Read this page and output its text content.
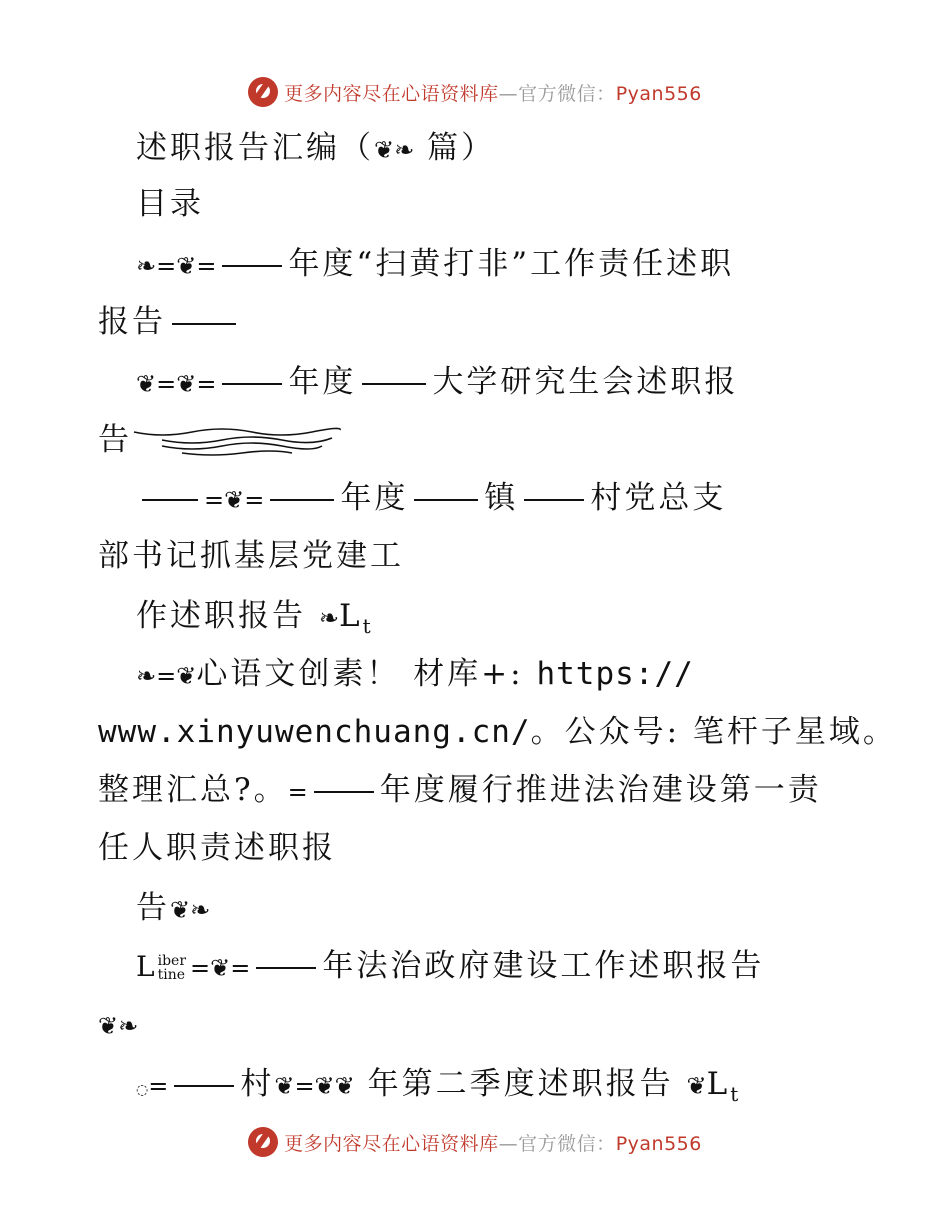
更多内容尽在心语资料库—官方微信：Pyan556
述职报告汇编（❦❧ 篇）
目录
❧=❦= 年度“扫黄打非”工作责任述职
报告
❦=❦= 年度 大学研究生会述职报
告
=❦= 年度 镇 村党总支
部书记抓基层党建工
作述职报告 $❧L_t$
❧=❦心语文创素！ 材库+: https://
www.xinyuwenchuang.cn/。公众号: 笔杆子星域。
整理汇总?。= 年度履行推进法治建设第一责
任人职责述职报
告❦❧
Liber
tine =❦= 年法治政府建设工作述职报告
❦❧
◌= 村❦=❦❦ 年第二季度述职报告 $❦L_t$
更多内容尽在心语资料库—官方微信：Pyan556
